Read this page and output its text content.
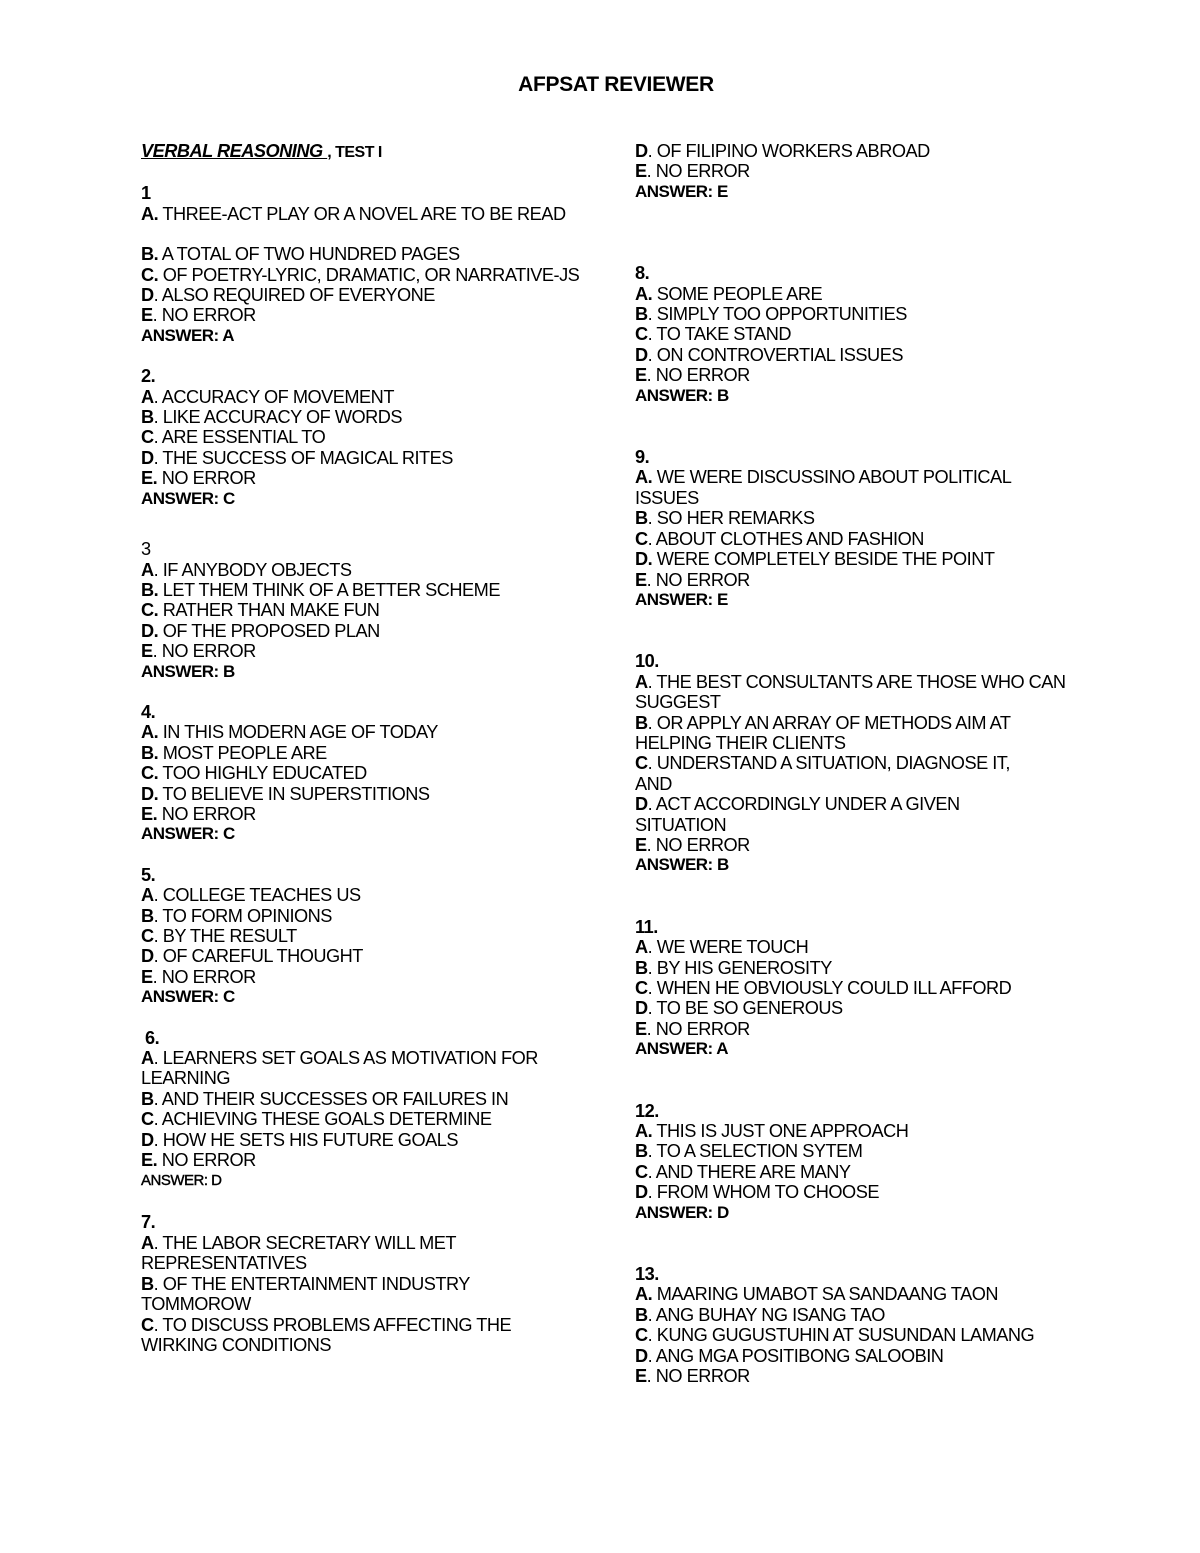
AFPSAT REVIEWER

VERBAL REASONING , TEST I

1

A. THREE-ACT PLAY OR A NOVEL ARE TO BE READ

B. A TOTAL OF TWO HUNDRED PAGES

C. OF POETRY-LYRIC, DRAMATIC, OR NARRATIVE-JS

D. ALSO REQUIRED OF EVERYONE

E. NO ERROR

ANSWER: A

2.

A. ACCURACY OF MOVEMENT

B. LIKE ACCURACY OF WORDS

C. ARE ESSENTIAL TO

D. THE SUCCESS OF MAGICAL RITES

E. NO ERROR

ANSWER: C

3

A. IF ANYBODY OBJECTS

B. LET THEM THINK OF A BETTER SCHEME

C. RATHER THAN MAKE FUN

D. OF THE PROPOSED PLAN

E. NO ERROR

ANSWER: B

4.

A. IN THIS MODERN AGE OF TODAY

B. MOST PEOPLE ARE

C. TOO HIGHLY EDUCATED

D. TO BELIEVE IN SUPERSTITIONS

E. NO ERROR

ANSWER: C

5.

A. COLLEGE TEACHES US

B. TO FORM OPINIONS

C. BY THE RESULT

D. OF CAREFUL THOUGHT

E. NO ERROR

ANSWER: C

6.

A. LEARNERS SET GOALS AS MOTIVATION FOR LEARNING

B. AND THEIR SUCCESSES OR FAILURES IN

C. ACHIEVING THESE GOALS DETERMINE

D. HOW HE SETS HIS FUTURE GOALS

E. NO ERROR

ANSWER: D

7.

A. THE LABOR SECRETARY WILL MET REPRESENTATIVES

B. OF THE ENTERTAINMENT INDUSTRY TOMMOROW

C. TO DISCUSS PROBLEMS AFFECTING THE WIRKING CONDITIONS

D. OF FILIPINO WORKERS ABROAD

E. NO ERROR

ANSWER: E

8.

A. SOME PEOPLE ARE

B. SIMPLY TOO OPPORTUNITIES

C. TO TAKE STAND

D. ON CONTROVERTIAL ISSUES

E. NO ERROR

ANSWER: B

9.

A. WE WERE DISCUSSINO ABOUT POLITICAL ISSUES

B. SO HER REMARKS

C. ABOUT CLOTHES AND FASHION

D. WERE COMPLETELY BESIDE THE POINT

E. NO ERROR

ANSWER: E

10.

A. THE BEST CONSULTANTS ARE THOSE WHO CAN SUGGEST

B. OR APPLY AN ARRAY OF METHODS AIM AT HELPING THEIR CLIENTS

C. UNDERSTAND A SITUATION, DIAGNOSE IT, AND

D. ACT ACCORDINGLY UNDER A GIVEN SITUATION

E. NO ERROR

ANSWER: B

11.

A. WE WERE TOUCH

B. BY HIS GENEROSITY

C. WHEN HE OBVIOUSLY COULD ILL AFFORD

D. TO BE SO GENEROUS

E. NO ERROR

ANSWER: A

12.

A. THIS IS JUST ONE APPROACH

B. TO A SELECTION SYTEM

C. AND THERE ARE MANY

D. FROM WHOM TO CHOOSE

ANSWER: D

13.

A. MAARING UMABOT SA SANDAANG TAON

B. ANG BUHAY NG ISANG TAO

C. KUNG GUGUSTUHIN AT SUSUNDAN LAMANG

D. ANG MGA POSITIBONG SALOOBIN

E. NO ERROR
